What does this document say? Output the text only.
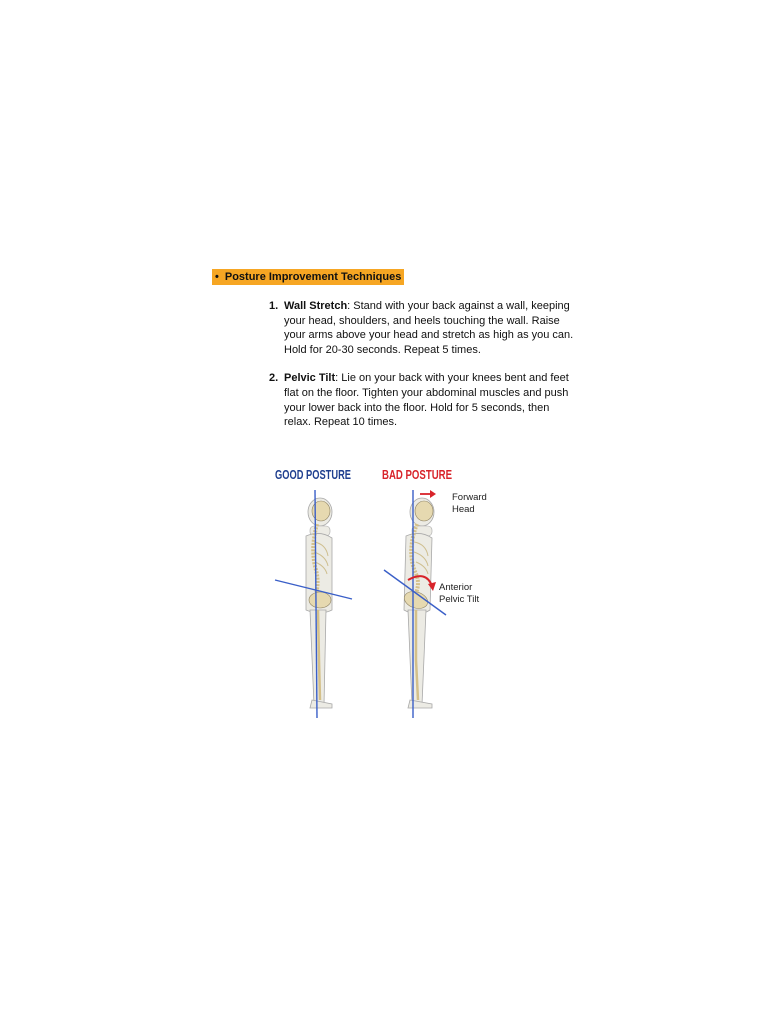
• Posture Improvement Techniques
1. Wall Stretch: Stand with your back against a wall, keeping your head, shoulders, and heels touching the wall. Raise your arms above your head and stretch as high as you can. Hold for 20-30 seconds. Repeat 5 times.
2. Pelvic Tilt: Lie on your back with your knees bent and feet flat on the floor. Tighten your abdominal muscles and push your lower back into the floor. Hold for 5 seconds, then relax. Repeat 10 times.
GOOD POSTURE BAD POSTURE
Forward
Head
Anterior
Pelvic Tilt
